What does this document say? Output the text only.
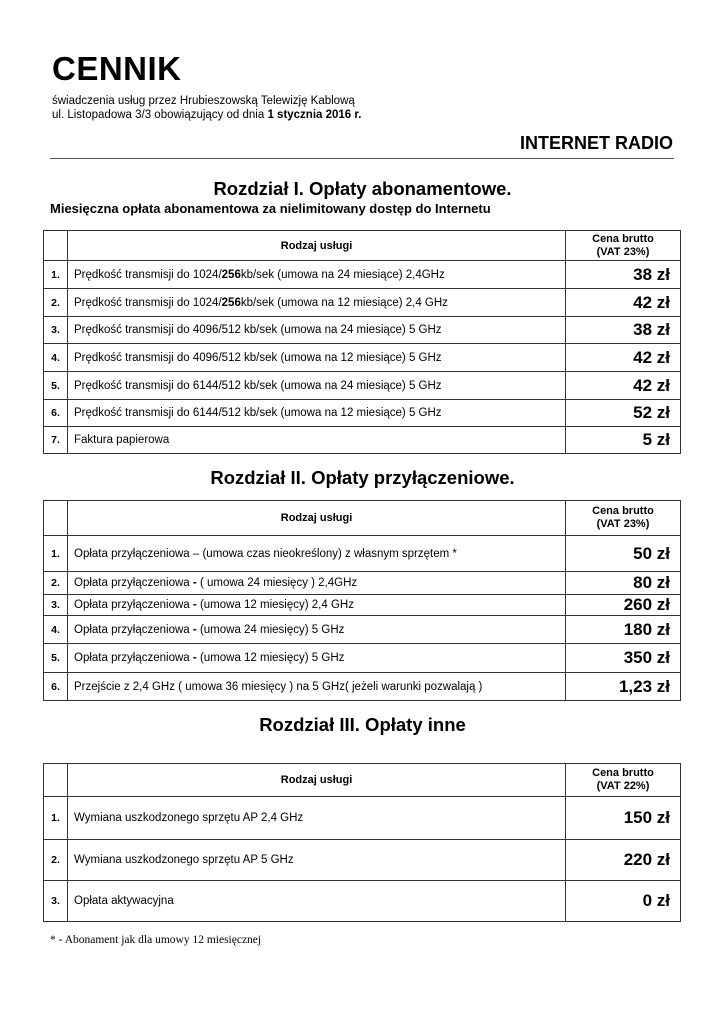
CENNIK
świadczenia usług przez Hrubieszowską Telewizję Kablową
ul. Listopadowa 3/3 obowiązujący od dnia 1 stycznia 2016 r.
INTERNET RADIO
Rozdział I. Opłaty abonamentowe.
Miesięczna opłata abonamentowa za nielimitowany dostęp do Internetu
	Rodzaj usługi	Cena brutto
(VAT 23%)

1.	Prędkość transmisji do 1024/256kb/sek (umowa na 24 miesiące) 2,4GHz	38 zł
2.	Prędkość transmisji do 1024/256kb/sek (umowa na 12 miesiące) 2,4 GHz	42 zł
3.	Prędkość transmisji do 4096/512 kb/sek (umowa na 24 miesiące) 5 GHz	38 zł
4.	Prędkość transmisji do 4096/512 kb/sek (umowa na 12 miesiące) 5 GHz	42 zł
5.	Prędkość transmisji do 6144/512 kb/sek (umowa na 24 miesiące) 5 GHz	42 zł
6.	Prędkość transmisji do 6144/512 kb/sek (umowa na 12 miesiące) 5 GHz	52 zł
7.	Faktura papierowa	5 zł
Rozdział II. Opłaty przyłączeniowe.
	Rodzaj usługi	Cena brutto
(VAT 23%)

1.	Opłata przyłączeniowa – (umowa czas nieokreślony) z własnym sprzętem *	50 zł
2.	Opłata przyłączeniowa - ( umowa 24 miesięcy ) 2,4GHz	80 zł
3.	Opłata przyłączeniowa - (umowa 12 miesięcy) 2,4 GHz	260 zł
4.	Opłata przyłączeniowa - (umowa 24 miesięcy) 5 GHz	180 zł
5.	Opłata przyłączeniowa - (umowa 12 miesięcy) 5 GHz	350 zł
6.	Przejście z 2,4 GHz ( umowa 36 miesięcy ) na 5 GHz( jeżeli warunki pozwalają )	1,23 zł
Rozdział III. Opłaty inne
	Rodzaj usługi	Cena brutto
(VAT 22%)

1.	Wymiana uszkodzonego sprzętu AP 2,4 GHz	150 zł
2.	Wymiana uszkodzonego sprzętu AP 5 GHz	220 zł
3.	Opłata aktywacyjna	0 zł
* - Abonament jak dla umowy 12 miesięcznej
